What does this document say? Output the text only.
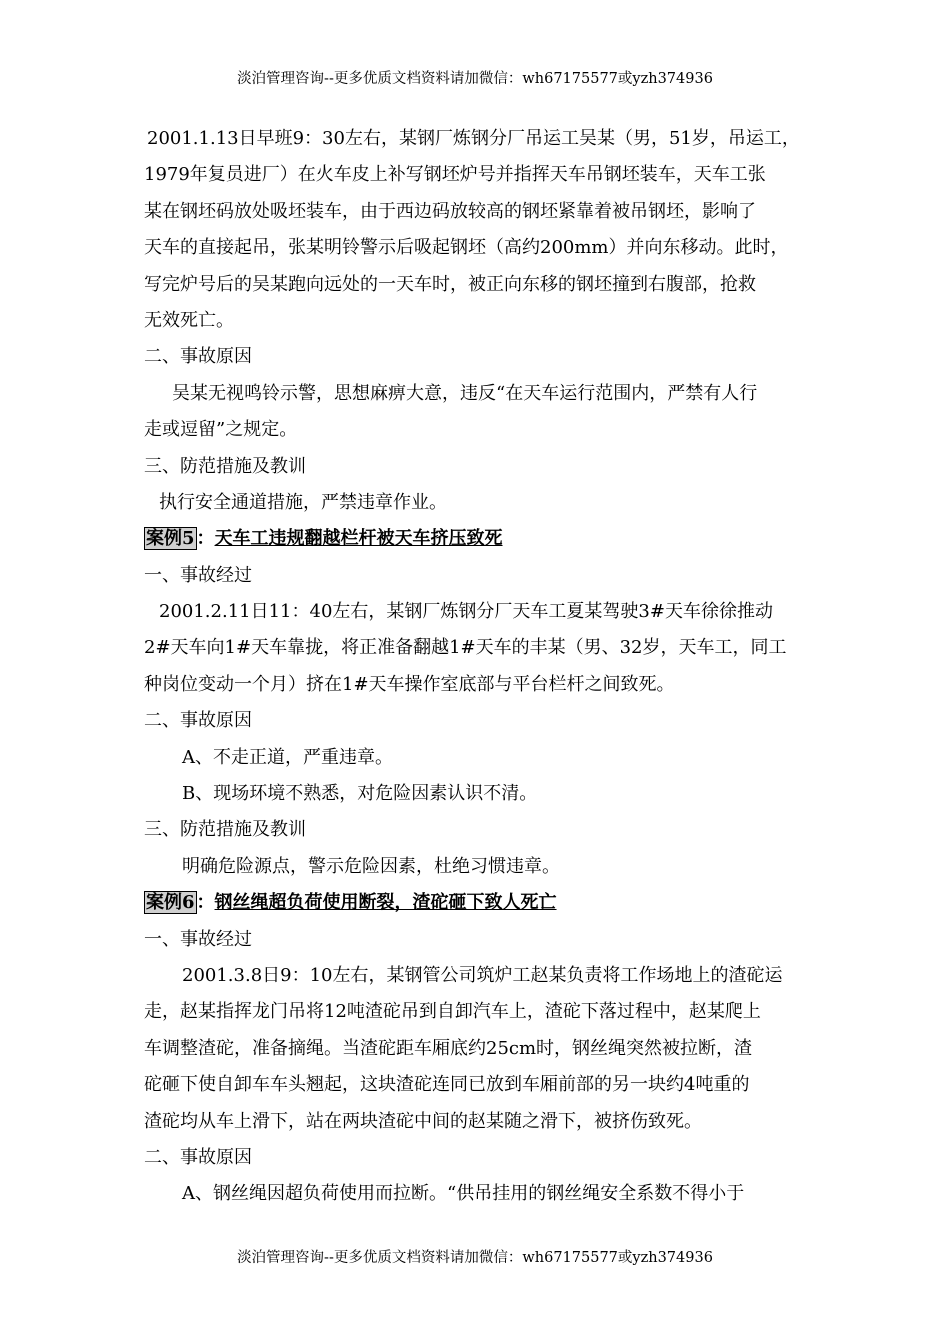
淡泊管理咨询--更多优质文档资料请加微信：wh67175577或yzh374936
2001.1.13日早班9：30左右，某钢厂炼钢分厂吊运工吴某（男，51岁，吊运工，
1979年复员进厂）在火车皮上补写钢坯炉号并指挥天车吊钢坯装车，天车工张
某在钢坯码放处吸坯装车，由于西边码放较高的钢坯紧靠着被吊钢坯，影响了
天车的直接起吊，张某明铃警示后吸起钢坯（高约200mm）并向东移动。此时，
写完炉号后的吴某跑向远处的一天车时，被正向东移的钢坯撞到右腹部，抢救
无效死亡。
二、事故原因
吴某无视鸣铃示警，思想麻痹大意，违反“在天车运行范围内，严禁有人行
走或逗留”之规定。
三、防范措施及教训
执行安全通道措施，严禁违章作业。
案例5 ：天车工违规翻越栏杆被天车挤压致死
一、事故经过
2001.2.11日11：40左右，某钢厂炼钢分厂天车工夏某驾驶3#天车徐徐推动
2#天车向1#天车靠拢，将正准备翻越1#天车的丰某（男、32岁，天车工，同工
种岗位变动一个月）挤在1#天车操作室底部与平台栏杆之间致死。
二、事故原因
A、不走正道，严重违章。
B、现场环境不熟悉，对危险因素认识不清。
三、防范措施及教训
明确危险源点，警示危险因素，杜绝习惯违章。
案例6 ：钢丝绳超负荷使用断裂，渣砣砸下致人死亡
一、事故经过
2001.3.8日9：10左右，某钢管公司筑炉工赵某负责将工作场地上的渣砣运
走，赵某指挥龙门吊将12吨渣砣吊到自卸汽车上，渣砣下落过程中，赵某爬上
车调整渣砣，准备摘绳。当渣砣距车厢底约25cm时，钢丝绳突然被拉断，渣
砣砸下使自卸车车头翘起，这块渣砣连同已放到车厢前部的另一块约4吨重的
渣砣均从车上滑下，站在两块渣砣中间的赵某随之滑下，被挤伤致死。
二、事故原因
A、钢丝绳因超负荷使用而拉断。“供吊挂用的钢丝绳安全系数不得小于
淡泊管理咨询--更多优质文档资料请加微信：wh67175577或yzh374936
